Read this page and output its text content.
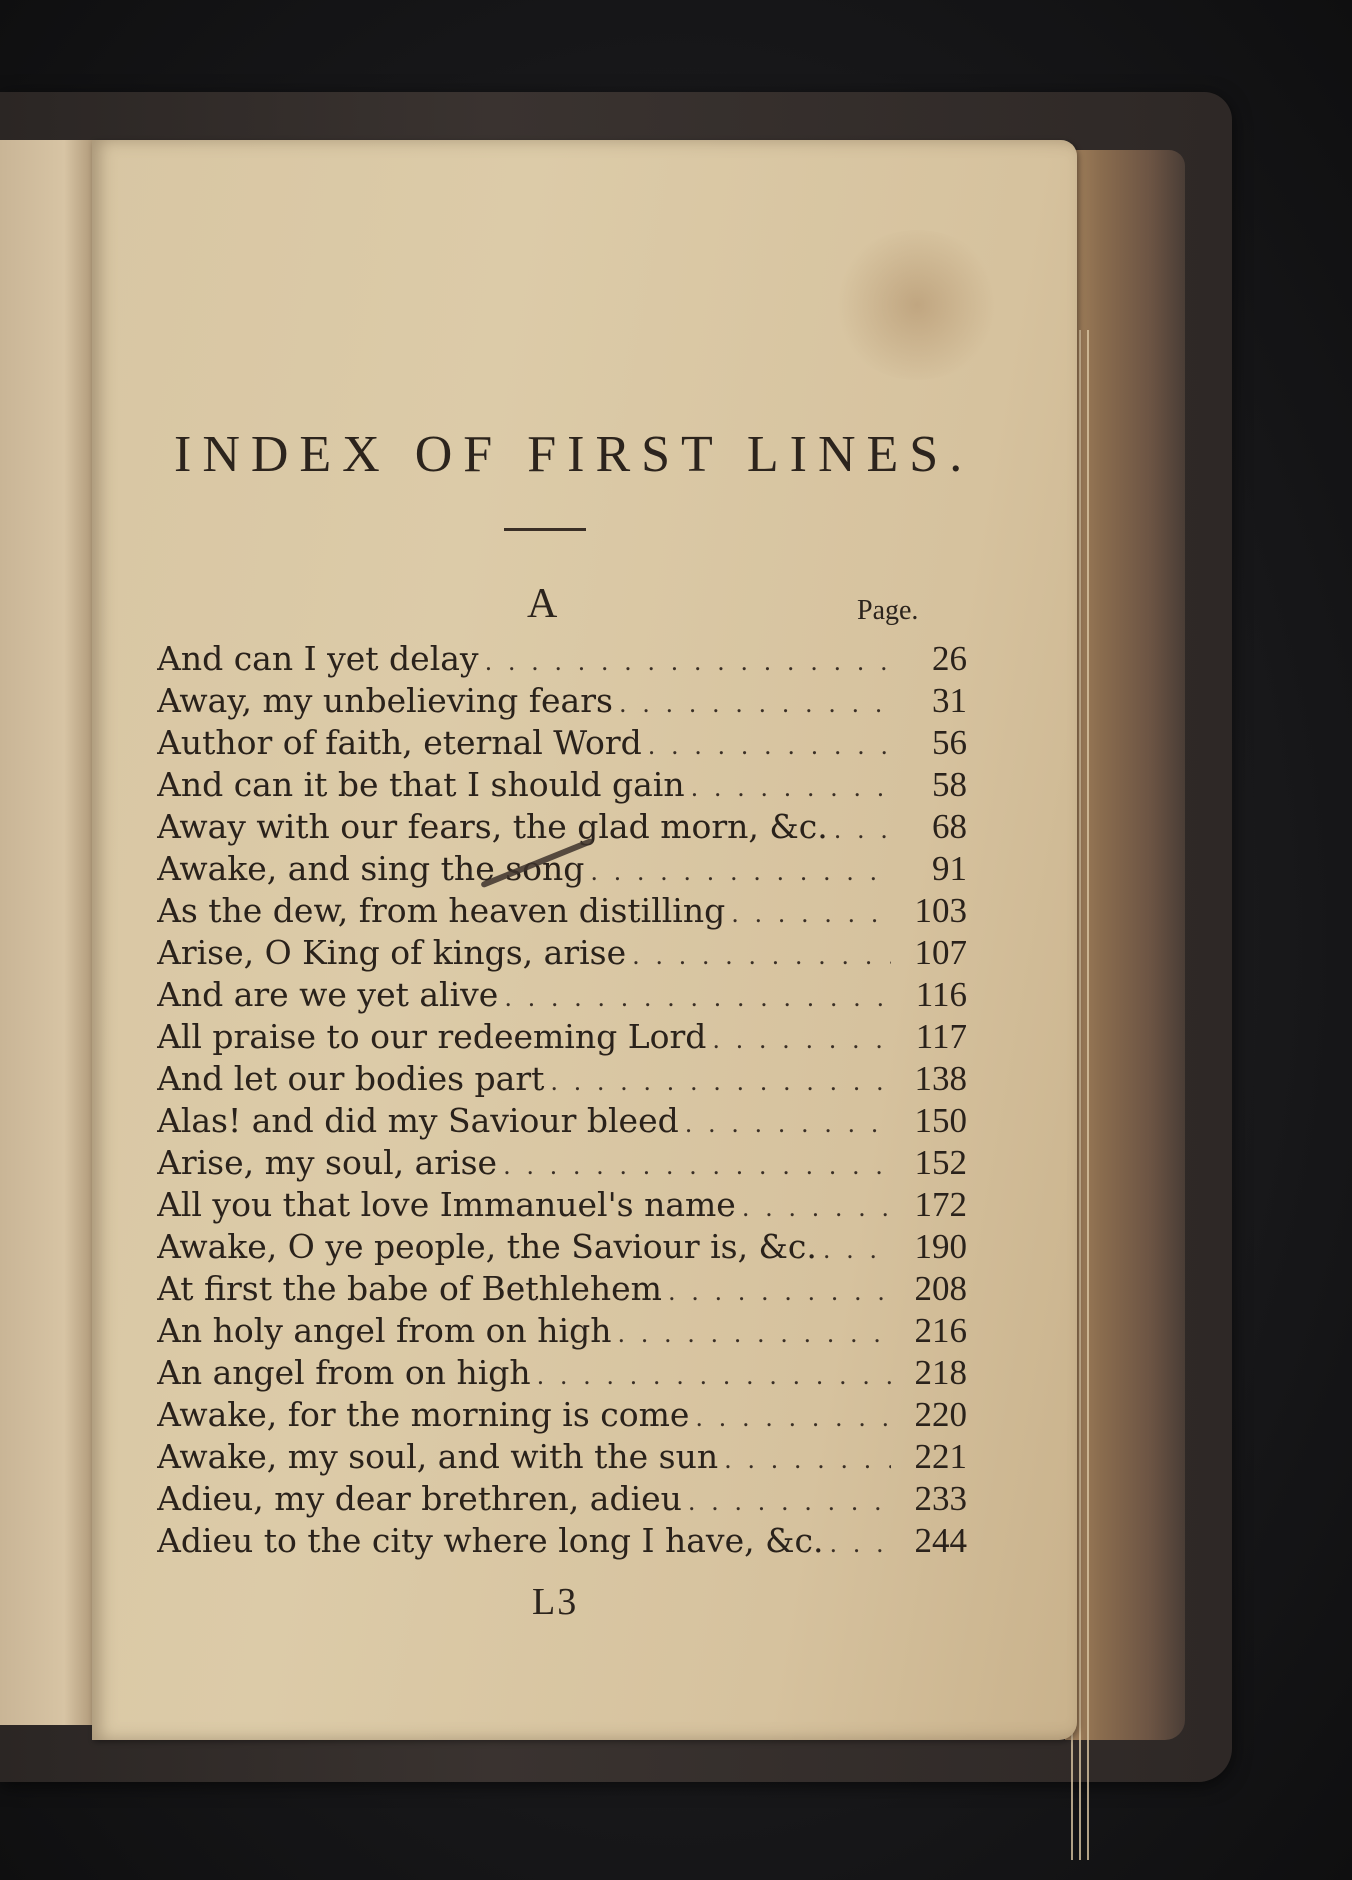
INDEX OF FIRST LINES.
A	Page.
And can I yet delay . . .	26
Away, my unbelieving fears . . .	31
Author of faith, eternal Word . . .	56
And can it be that I should gain . . .	58
Away with our fears, the glad morn, &c. . . .	68
Awake, and sing the song . . .	91
As the dew, from heaven distilling . . .	103
Arise, O King of kings, arise . . .	107
And are we yet alive . . .	116
All praise to our redeeming Lord . . .	117
And let our bodies part . . .	138
Alas! and did my Saviour bleed . . .	150
Arise, my soul, arise . . .	152
All you that love Immanuel's name . . .	172
Awake, O ye people, the Saviour is, &c. . . .	190
At first the babe of Bethlehem . . .	208
An holy angel from on high . . .	216
An angel from on high . . .	218
Awake, for the morning is come . . .	220
Awake, my soul, and with the sun . . .	221
Adieu, my dear brethren, adieu . . .	233
Adieu to the city where long I have, &c. . . .	244
L3
